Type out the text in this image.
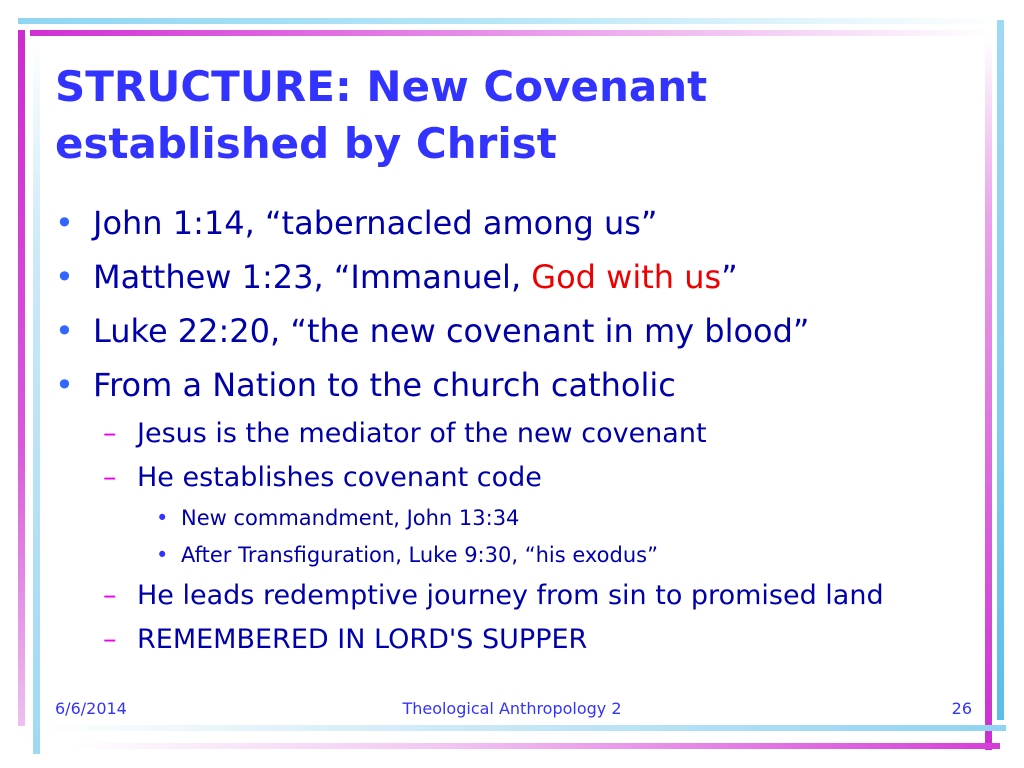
STRUCTURE: New Covenant
established by Christ
• John 1:14, “tabernacled among us”
• Matthew 1:23, “Immanuel, God with us”
• Luke 22:20, “the new covenant in my blood”
• From a Nation to the church catholic
– Jesus is the mediator of the new covenant
– He establishes covenant code
• New commandment, John 13:34
• After Transfiguration, Luke 9:30, “his exodus”
– He leads redemptive journey from sin to promised land
– REMEMBERED IN LORD'S SUPPER
6/6/2014	Theological Anthropology 2	26
